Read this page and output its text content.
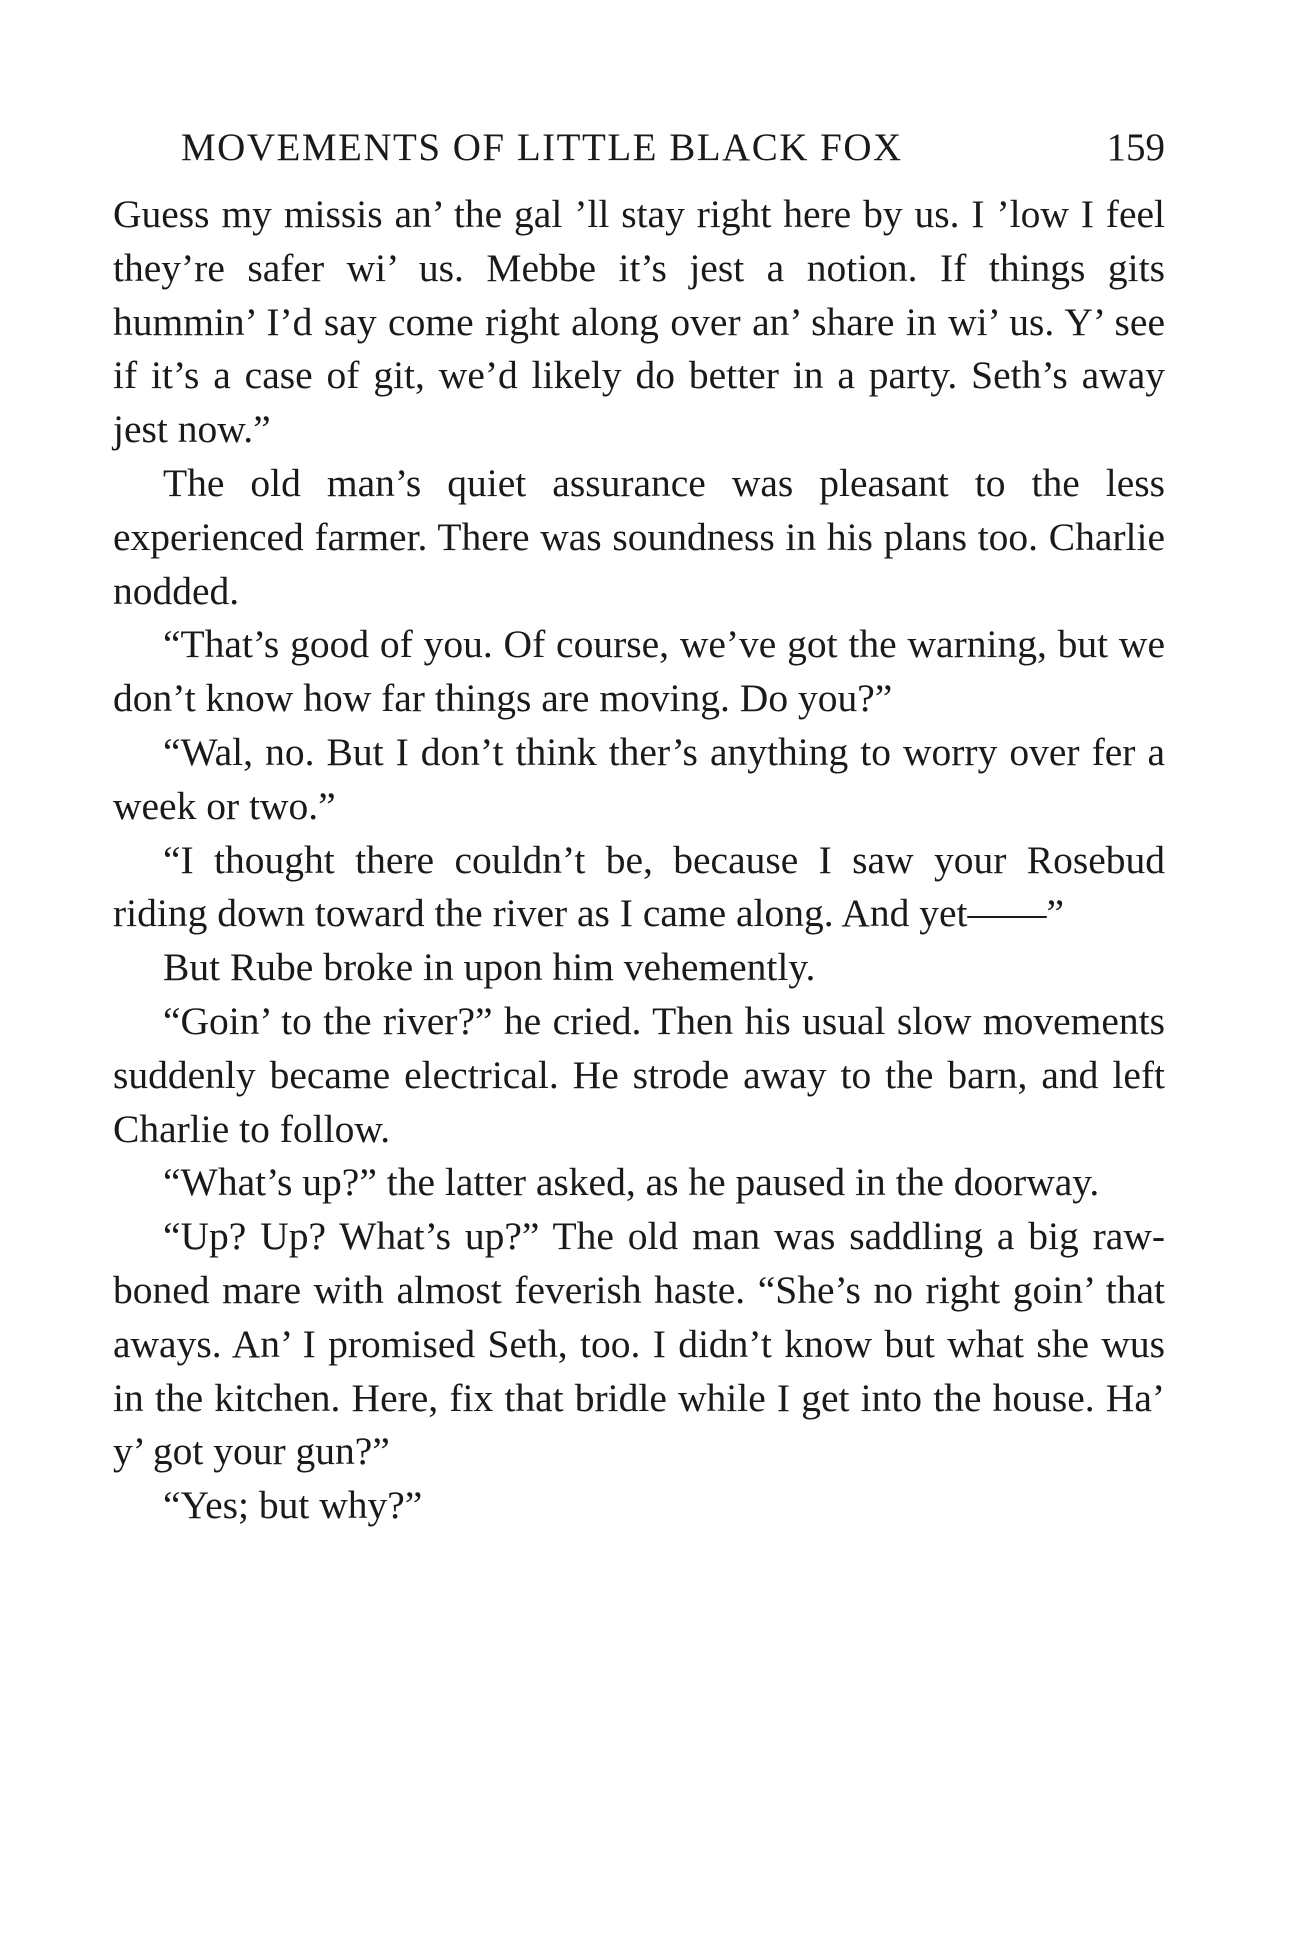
MOVEMENTS OF LITTLE BLACK FOX	159

Guess my missis an’ the gal ’ll stay right here by us. I ’low I feel they’re safer wi’ us. Mebbe it’s jest a notion. If things gits hummin’ I’d say come right along over an’ share in wi’ us. Y’ see if it’s a case of git, we’d likely do better in a party. Seth’s away jest now.”

The old man’s quiet assurance was pleasant to the less experienced farmer. There was soundness in his plans too. Charlie nodded.

“That’s good of you. Of course, we’ve got the warning, but we don’t know how far things are moving. Do you?”

“Wal, no. But I don’t think ther’s anything to worry over fer a week or two.”

“I thought there couldn’t be, because I saw your Rosebud riding down toward the river as I came along. And yet——”

But Rube broke in upon him vehemently.

“Goin’ to the river?” he cried. Then his usual slow movements suddenly became electrical. He strode away to the barn, and left Charlie to follow.

“What’s up?” the latter asked, as he paused in the doorway.

“Up? Up? What’s up?” The old man was saddling a big raw-boned mare with almost feverish haste. “She’s no right goin’ that aways. An’ I promised Seth, too. I didn’t know but what she wus in the kitchen. Here, fix that bridle while I get into the house. Ha’ y’ got your gun?”

“Yes; but why?”
